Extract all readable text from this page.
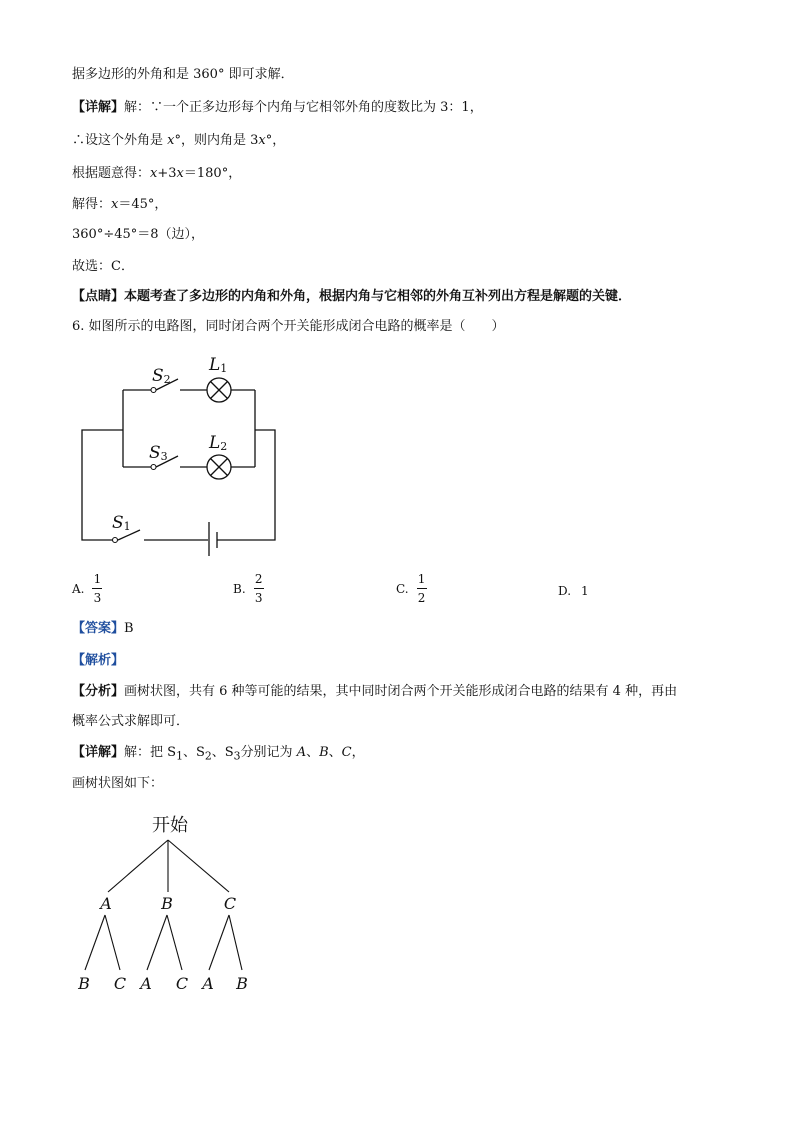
据多边形的外角和是 360° 即可求解．
【详解】解：∵一个正多边形每个内角与它相邻外角的度数比为 3：1，
∴设这个外角是 x°，则内角是 3x°，
根据题意得：x+3x＝180°，
解得：x＝45°，
360°÷45°＝8（边），
故选：C．
【点睛】本题考查了多边形的内角和外角，根据内角与它相邻的外角互补列出方程是解题的关键．
6. 如图所示的电路图，同时闭合两个开关能形成闭合电路的概率是（　　）
S2
L1
S3
L2
S1
A. $\frac{1}{3}$	B. $\frac{2}{3}$	C. $\frac{1}{2}$	D. 1
【答案】B
【解析】
【分析】画树状图，共有 6 种等可能的结果，其中同时闭合两个开关能形成闭合电路的结果有 4 种，再由
概率公式求解即可．
【详解】解：把 $S_1$、$S_2$、$S_3$分别记为 A、B、C，
画树状图如下：
开始
A	B	C
B C A C A B
